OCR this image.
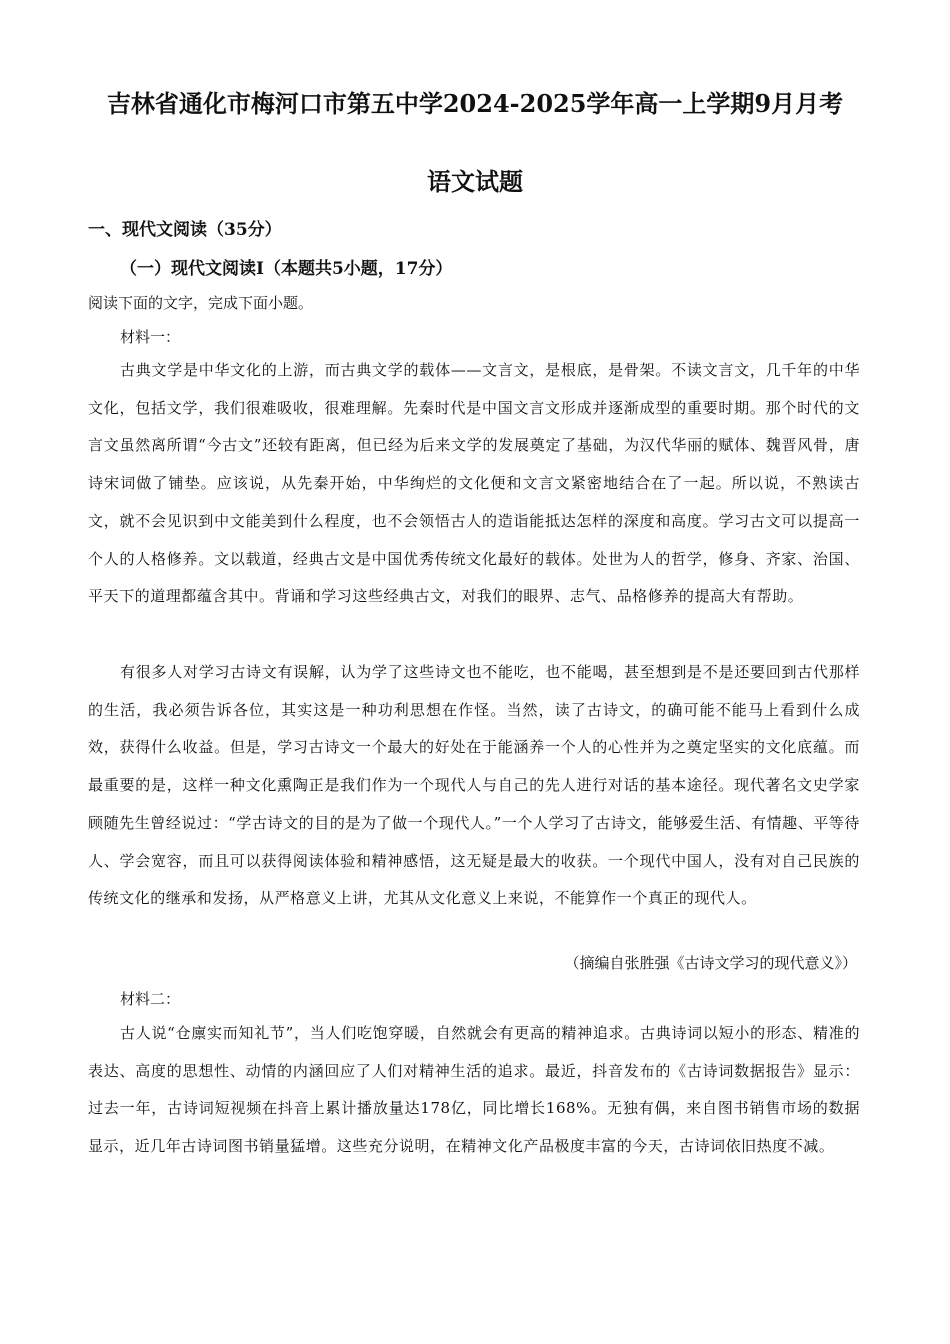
吉林省通化市梅河口市第五中学2024-2025学年高一上学期9月月考
语文试题
一、现代文阅读（35分）
（一）现代文阅读Ⅰ（本题共5小题，17分）

阅读下面的文字，完成下面小题。

材料一：

古典文学是中华文化的上游，而古典文学的载体——文言文，是根底，是骨架。不读文言文，几千年的中华文化，包括文学，我们很难吸收，很难理解。先秦时代是中国文言文形成并逐渐成型的重要时期。那个时代的文言文虽然离所谓“今古文”还较有距离，但已经为后来文学的发展奠定了基础，为汉代华丽的赋体、魏晋风骨，唐诗宋词做了铺垫。应该说，从先秦开始，中华绚烂的文化便和文言文紧密地结合在了一起。所以说，不熟读古文，就不会见识到中文能美到什么程度，也不会领悟古人的造诣能抵达怎样的深度和高度。学习古文可以提高一个人的人格修养。文以载道，经典古文是中国优秀传统文化最好的载体。处世为人的哲学，修身、齐家、治国、平天下的道理都蕴含其中。背诵和学习这些经典古文，对我们的眼界、志气、品格修养的提高大有帮助。

有很多人对学习古诗文有误解，认为学了这些诗文也不能吃，也不能喝，甚至想到是不是还要回到古代那样的生活，我必须告诉各位，其实这是一种功利思想在作怪。当然，读了古诗文，的确可能不能马上看到什么成效，获得什么收益。但是，学习古诗文一个最大的好处在于能涵养一个人的心性并为之奠定坚实的文化底蕴。而最重要的是，这样一种文化熏陶正是我们作为一个现代人与自己的先人进行对话的基本途径。现代著名文史学家顾随先生曾经说过：“学古诗文的目的是为了做一个现代人。”一个人学习了古诗文，能够爱生活、有情趣、平等待人、学会宽容，而且可以获得阅读体验和精神感悟，这无疑是最大的收获。一个现代中国人，没有对自己民族的传统文化的继承和发扬，从严格意义上讲，尤其从文化意义上来说，不能算作一个真正的现代人。

（摘编自张胜强《古诗文学习的现代意义》）

材料二：

古人说“仓廪实而知礼节”，当人们吃饱穿暖，自然就会有更高的精神追求。古典诗词以短小的形态、精准的表达、高度的思想性、动情的内涵回应了人们对精神生活的追求。最近，抖音发布的《古诗词数据报告》显示：过去一年，古诗词短视频在抖音上累计播放量达178亿，同比增长168%。无独有偶，来自图书销售市场的数据显示，近几年古诗词图书销量猛增。这些充分说明，在精神文化产品极度丰富的今天，古诗词依旧热度不减。
